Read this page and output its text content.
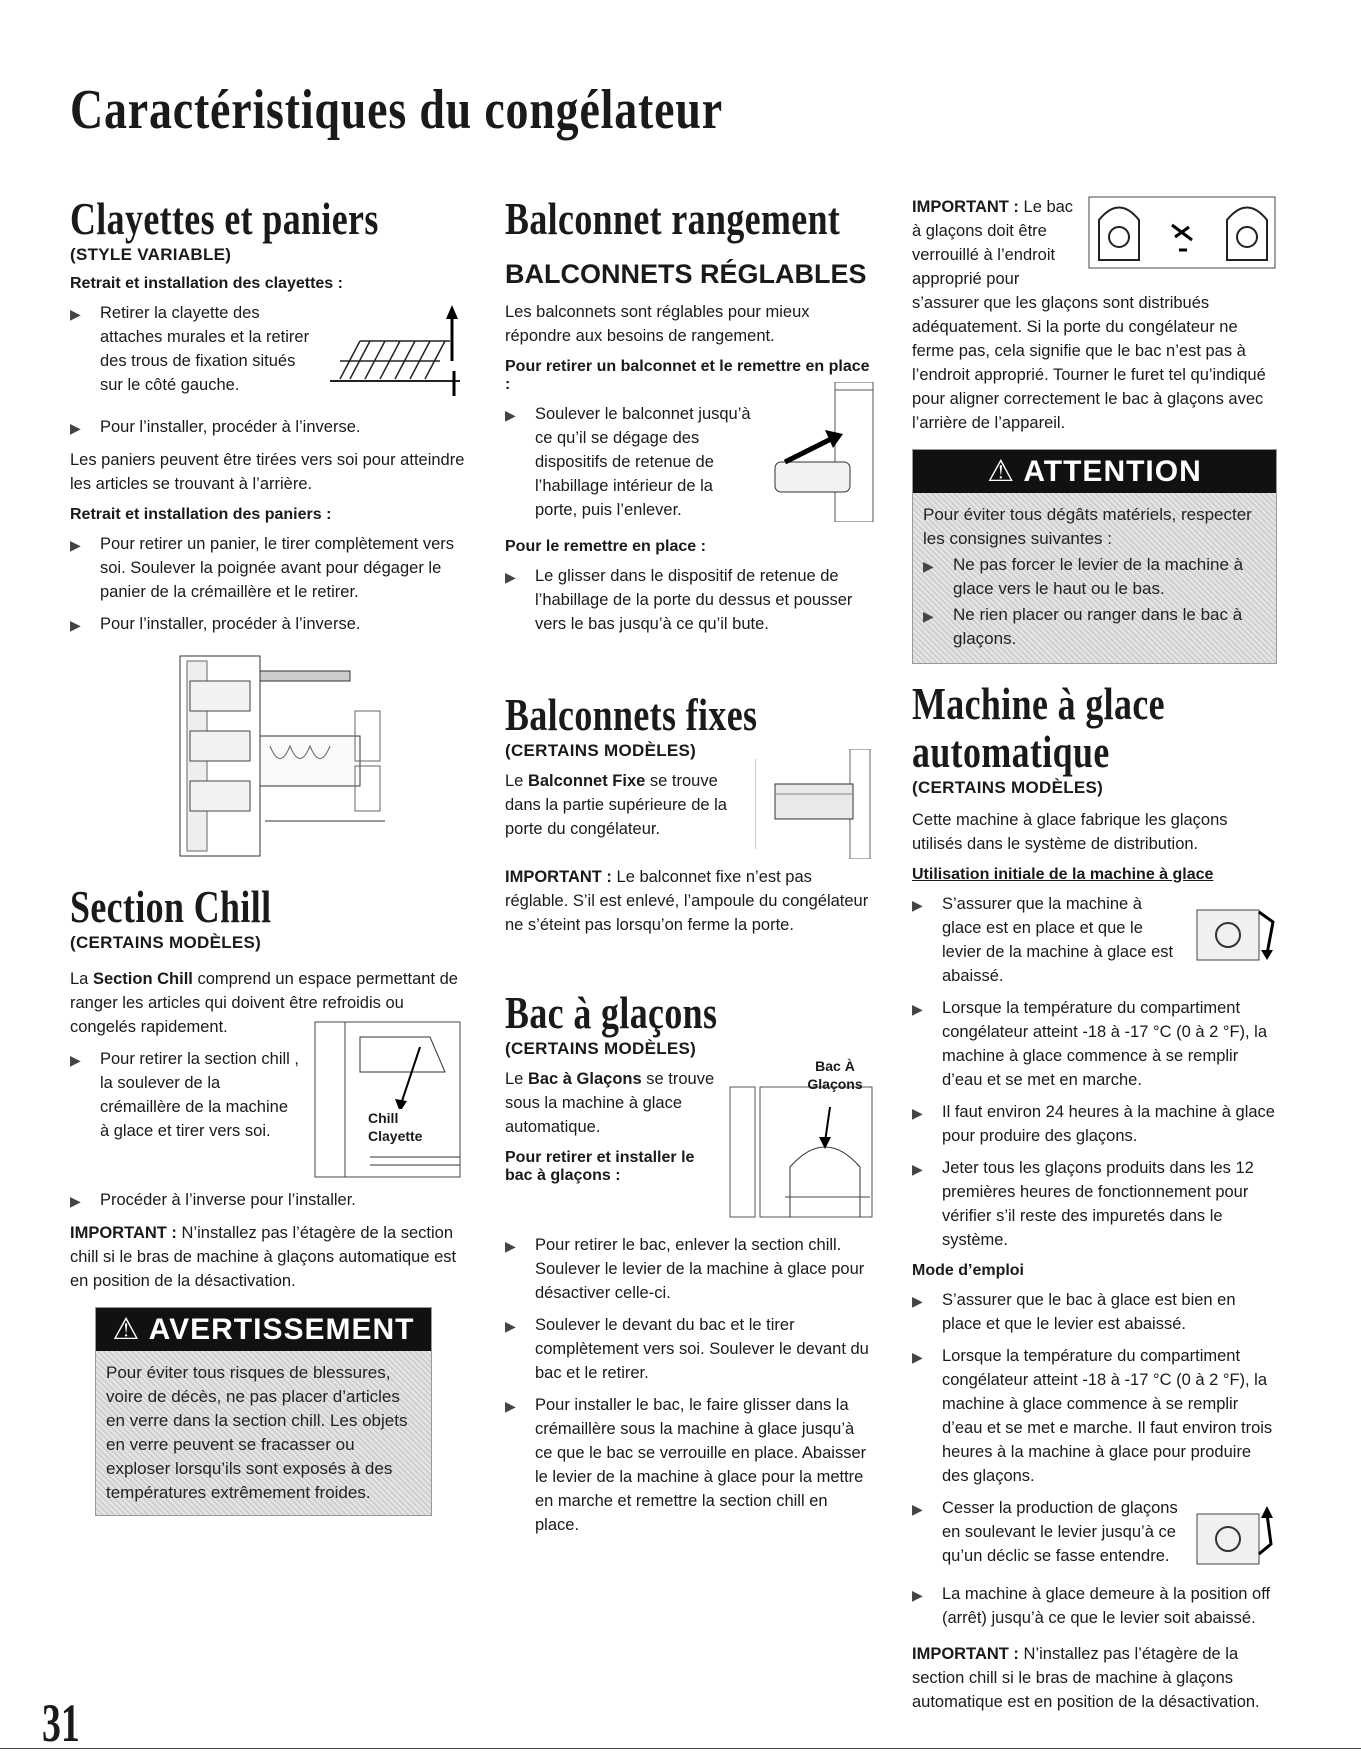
Caractéristiques du congélateur
Clayettes et paniers
(STYLE VARIABLE)
Retrait et installation des clayettes :
▶	Retirer la clayette des attaches murales et la retirer des trous de fixation situés sur le côté gauche.
▶	Pour l’installer, procéder à l’inverse.

Les paniers peuvent être tirées vers soi pour atteindre les articles se trouvant à l’arrière.

Retrait et installation des paniers :
▶	Pour retirer un panier, le tirer complètement vers soi. Soulever la poignée avant pour dégager le panier de la crémaillère et le retirer.
▶	Pour l’installer, procéder à l’inverse.
Section Chill
(CERTAINS MODÈLES)

La Section Chill comprend un espace permettant de ranger les articles qui doivent être refroidis ou congelés rapidement.

Chill Clayette
▶	Pour retirer la section chill , la soulever de la crémaillère de la machine à glace et tirer vers soi.
▶	Procéder à l’inverse pour l’installer.

IMPORTANT : N’installez pas l’étagère de la section chill si le bras de machine à glaçons automatique est en position de la désactivation.

⚠ AVERTISSEMENT
Pour éviter tous risques de blessures, voire de décès, ne pas placer d’articles en verre dans la section chill. Les objets en verre peuvent se fracasser ou exploser lorsqu’ils sont exposés à des températures extrêmement froides.
Balconnet rangement
BALCONNETS RÉGLABLES

Les balconnets sont réglables pour mieux répondre aux besoins de rangement.

Pour retirer un balconnet et le remettre en place :
▶	Soulever le balconnet jusqu’à ce qu’il se dégage des dispositifs de retenue de l’habillage intérieur de la porte, puis l’enlever.
Pour le remettre en place :
▶	Le glisser dans le dispositif de retenue de l’habillage de la porte du dessus et pousser vers le bas jusqu’à ce qu’il bute.
Balconnets fixes
(CERTAINS MODÈLES)

Le Balconnet Fixe se trouve dans la partie supérieure de la porte du congélateur.

IMPORTANT : Le balconnet fixe n’est pas réglable. S’il est enlevé, l’ampoule du congélateur ne s’éteint pas lorsqu’on ferme la porte.

Bac à glaçons
(CERTAINS MODÈLES)
Bac À Glaçons

Le Bac à Glaçons se trouve sous la machine à glace automatique.

Pour retirer et installer le bac à glaçons :
▶	Pour retirer le bac, enlever la section chill. Soulever le levier de la machine à glace pour désactiver celle-ci.
▶	Soulever le devant du bac et le tirer complètement vers soi. Soulever le devant du bac et le retirer.
▶	Pour installer le bac, le faire glisser dans la crémaillère sous la machine à glace jusqu’à ce que le bac se verrouille en place. Abaisser le levier de la machine à glace pour la mettre en marche et remettre la section chill en place.

IMPORTANT : Le bac à glaçons doit être verrouillé à l’endroit approprié pour s’assurer que les glaçons sont distribués adéquatement. Si la porte du congélateur ne ferme pas, cela signifie que le bac n’est pas à l’endroit approprié. Tourner le furet tel qu’indiqué pour aligner correctement le bac à glaçons avec l’arrière de l’appareil.

⚠ ATTENTION
Pour éviter tous dégâts matériels, respecter les consignes suivantes :
▶	Ne pas forcer le levier de la machine à glace vers le haut ou le bas.
▶	Ne rien placer ou ranger dans le bac à glaçons.
Machine à glace
automatique
(CERTAINS MODÈLES)

Cette machine à glace fabrique les glaçons utilisés dans le système de distribution.

Utilisation initiale de la machine à glace
▶	S’assurer que la machine à glace est en place et que le levier de la machine à glace est abaissé.
▶	Lorsque la température du compartiment congélateur atteint -18 à -17 °C (0 à 2 °F), la machine à glace commence à se remplir d’eau et se met en marche.
▶	Il faut environ 24 heures à la machine à glace pour produire des glaçons.
▶	Jeter tous les glaçons produits dans les 12 premières heures de fonctionnement pour vérifier s’il reste des impuretés dans le système.
Mode d’emploi
▶	S’assurer que le bac à glace est bien en place et que le levier est abaissé.
▶	Lorsque la température du compartiment congélateur atteint -18 à -17 °C (0 à 2 °F), la machine à glace commence à se remplir d’eau et se met e marche. Il faut environ trois heures à la machine à glace pour produire des glaçons.
▶	Cesser la production de glaçons en soulevant le levier jusqu’à ce qu’un déclic se fasse entendre.
▶	La machine à glace demeure à la position off (arrêt) jusqu’à ce que le levier soit abaissé.

IMPORTANT : N’installez pas l’étagère de la section chill si le bras de machine à glaçons automatique est en position de la désactivation.

31
